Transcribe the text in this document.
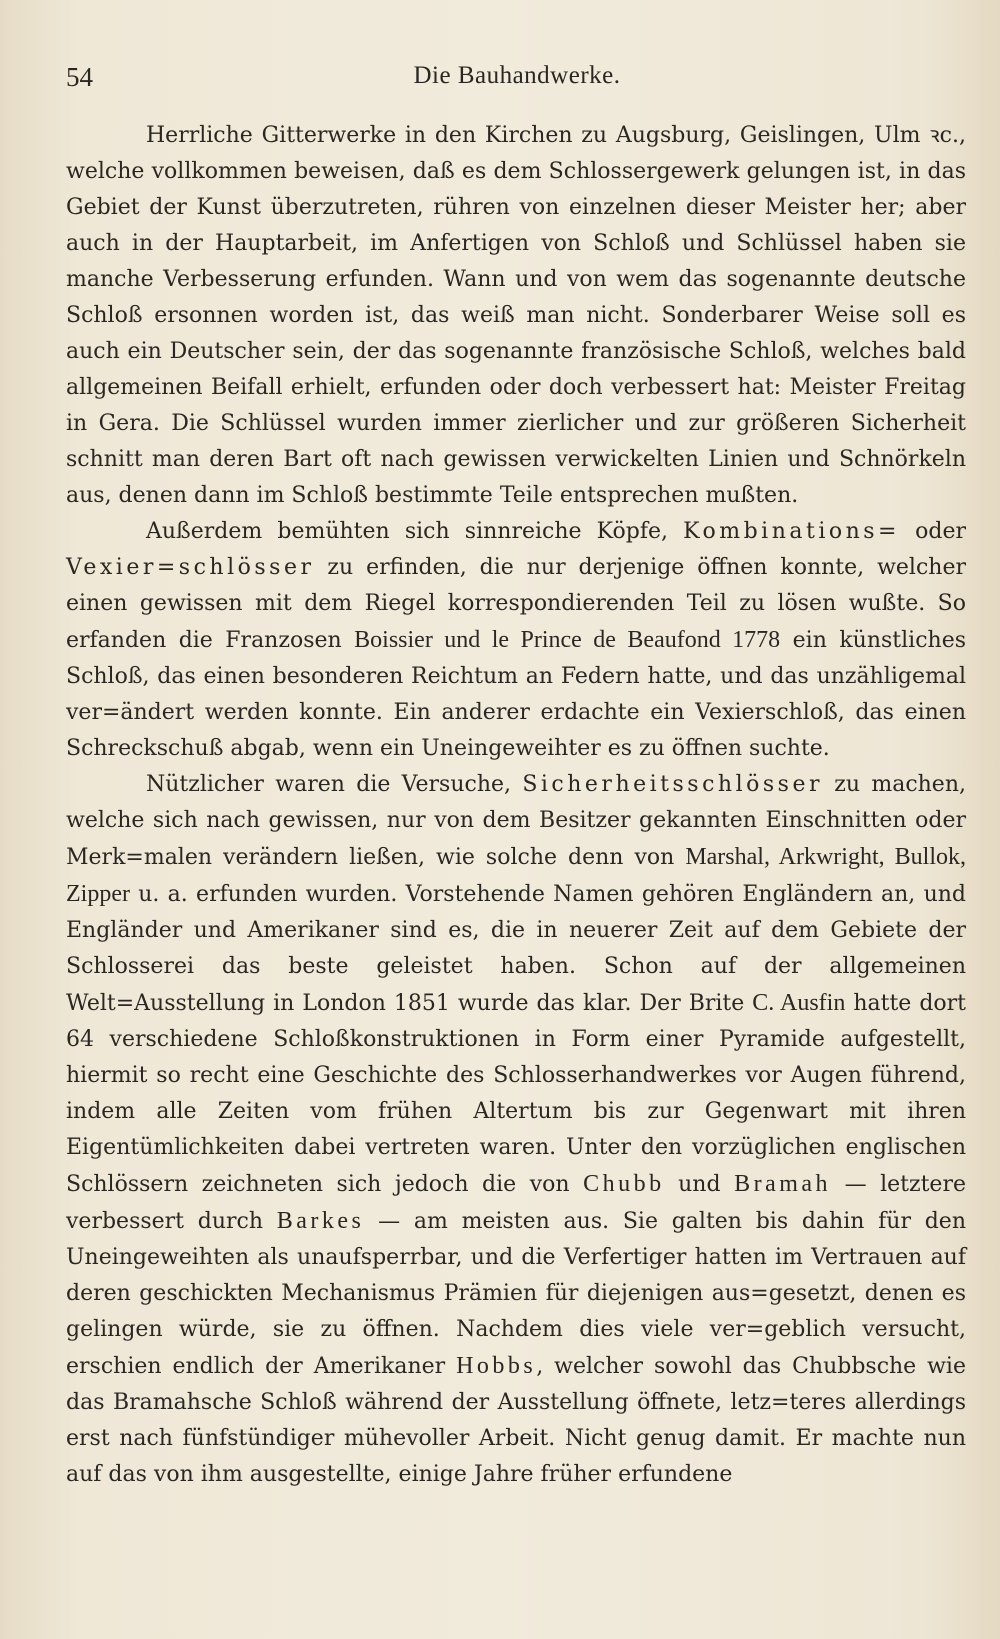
54	Die Bauhandwerke.

Herrliche Gitterwerke in den Kirchen zu Augsburg, Geislingen, Ulm ꝛc., welche vollkommen beweisen, daß es dem Schlossergewerk gelungen ist, in das Gebiet der Kunst überzutreten, rühren von einzelnen dieser Meister her; aber auch in der Hauptarbeit, im Anfertigen von Schloß und Schlüssel haben sie manche Verbesserung erfunden. Wann und von wem das sogenannte deutsche Schloß ersonnen worden ist, das weiß man nicht. Sonderbarer Weise soll es auch ein Deutscher sein, der das sogenannte französische Schloß, welches bald allgemeinen Beifall erhielt, erfunden oder doch verbessert hat: Meister Freitag in Gera. Die Schlüssel wurden immer zierlicher und zur größeren Sicherheit schnitt man deren Bart oft nach gewissen verwickelten Linien und Schnörkeln aus, denen dann im Schloß bestimmte Teile entsprechen mußten.

Außerdem bemühten sich sinnreiche Köpfe, Kombinations= oder Vexier=schlösser zu erfinden, die nur derjenige öffnen konnte, welcher einen gewissen mit dem Riegel korrespondierenden Teil zu lösen wußte. So erfanden die Franzosen Boissier und le Prince de Beaufond 1778 ein künstliches Schloß, das einen besonderen Reichtum an Federn hatte, und das unzähligemal ver=ändert werden konnte. Ein anderer erdachte ein Vexierschloß, das einen Schreckschuß abgab, wenn ein Uneingeweihter es zu öffnen suchte.

Nützlicher waren die Versuche, Sicherheitsschlösser zu machen, welche sich nach gewissen, nur von dem Besitzer gekannten Einschnitten oder Merk=malen verändern ließen, wie solche denn von Marshal, Arkwright, Bullok, Zipper u. a. erfunden wurden. Vorstehende Namen gehören Engländern an, und Engländer und Amerikaner sind es, die in neuerer Zeit auf dem Gebiete der Schlosserei das beste geleistet haben. Schon auf der allgemeinen Welt=Ausstellung in London 1851 wurde das klar. Der Brite C. Ausfin hatte dort 64 verschiedene Schloßkonstruktionen in Form einer Pyramide aufgestellt, hiermit so recht eine Geschichte des Schlosserhandwerkes vor Augen führend, indem alle Zeiten vom frühen Altertum bis zur Gegenwart mit ihren Eigentümlichkeiten dabei vertreten waren. Unter den vorzüglichen englischen Schlössern zeichneten sich jedoch die von Chubb und Bramah — letztere verbessert durch Barkes — am meisten aus. Sie galten bis dahin für den Uneingeweihten als unaufsperrbar, und die Verfertiger hatten im Vertrauen auf deren geschickten Mechanismus Prämien für diejenigen aus=gesetzt, denen es gelingen würde, sie zu öffnen. Nachdem dies viele ver=geblich versucht, erschien endlich der Amerikaner Hobbs, welcher sowohl das Chubbsche wie das Bramahsche Schloß während der Ausstellung öffnete, letz=teres allerdings erst nach fünfstündiger mühevoller Arbeit. Nicht genug damit. Er machte nun auf das von ihm ausgestellte, einige Jahre früher erfundene
